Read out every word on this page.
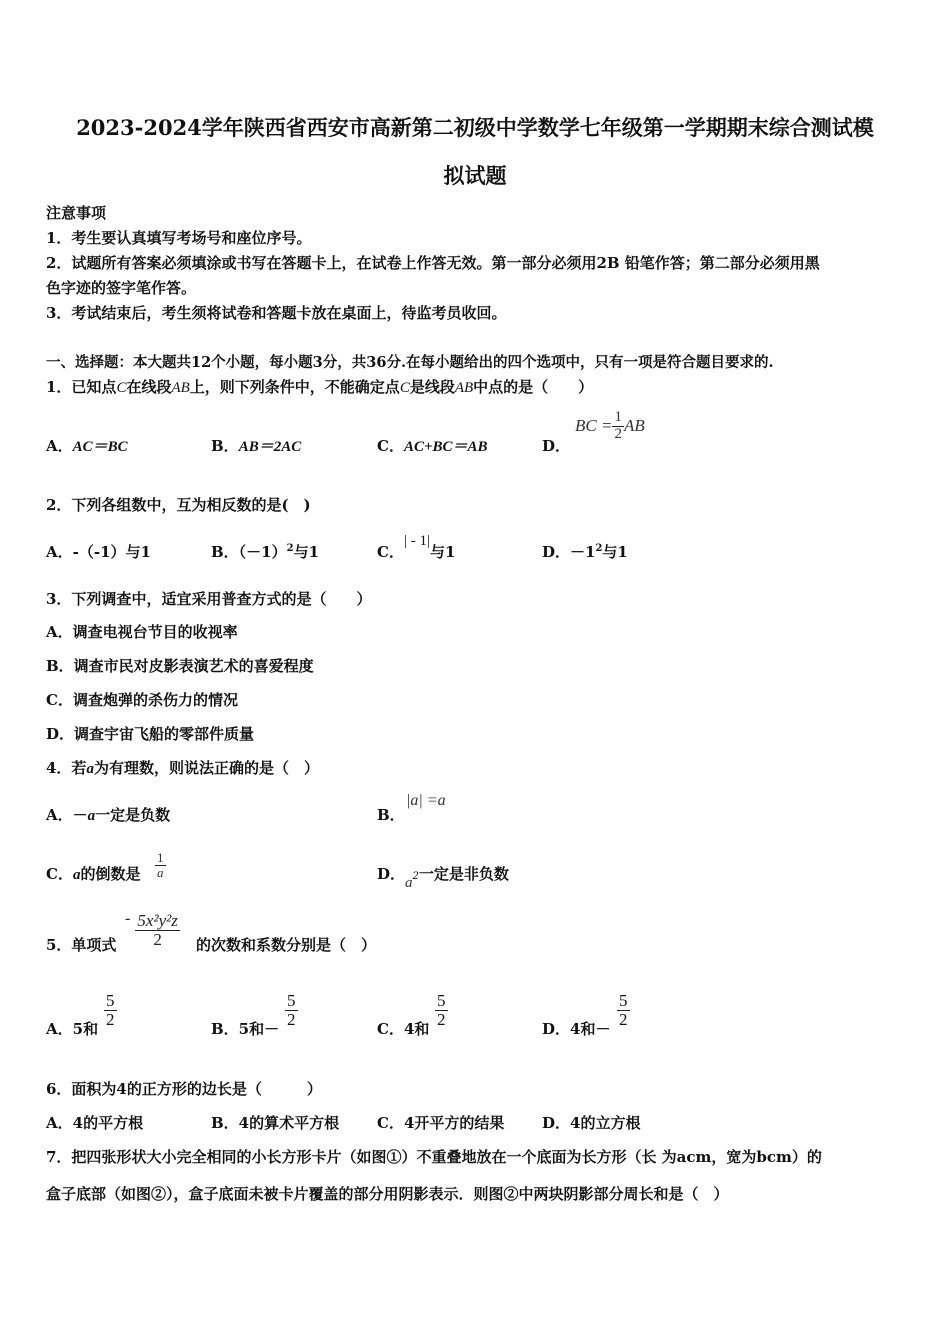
2023-2024学年陕西省西安市高新第二初级中学数学七年级第一学期期末综合测试模
拟试题
注意事项
1．考生要认真填写考场号和座位序号。
2．试题所有答案必须填涂或书写在答题卡上，在试卷上作答无效。第一部分必须用2B 铅笔作答；第二部分必须用黑
色字迹的签字笔作答。
3．考试结束后，考生须将试卷和答题卡放在桌面上，待监考员收回。
一、选择题：本大题共12个小题，每小题3分，共36分.在每小题给出的四个选项中，只有一项是符合题目要求的.
1．已知点C在线段AB上，则下列条件中，不能确定点C是线段AB中点的是（　　）
A．AC＝BC	B．AB＝2AC	C．AC+BC＝AB	D．
BC = $\frac{1}{2}$ AB
2．下列各组数中，互为相反数的是(　)
A．-（-1）与1	B．$(-1)^2$与1	C．| - 1|与1	D．$-1^2$与1
3．下列调查中，适宜采用普查方式的是（　　）
A．调查电视台节目的收视率
B．调查市民对皮影表演艺术的喜爱程度
C．调查炮弹的杀伤力的情况
D．调查宇宙飞船的零部件质量
4．若a为有理数，则说法正确的是（　）
A．－a一定是负数	B．
|a| =a
C．a的倒数是 $\frac{1}{a}$	D．$a^2$一定是非负数
5．单项式
- $\frac{\text{5x²y²z}}{2}$ 的次数和系数分别是（　）
A．5和
$\frac{5}{2}$
B．5和－
$\frac{5}{2}$
C．4和
$\frac{5}{2}$
D．4和－
$\frac{5}{2}$
6．面积为4的正方形的边长是（　　　）
A．4的平方根	B．4的算术平方根	C．4开平方的结果	D．4的立方根
7．把四张形状大小完全相同的小长方形卡片（如图①）不重叠地放在一个底面为长方形（长 为acm，宽为bcm）的
盒子底部（如图②），盒子底面未被卡片覆盖的部分用阴影表示．则图②中两块阴影部分周长和是（　）
